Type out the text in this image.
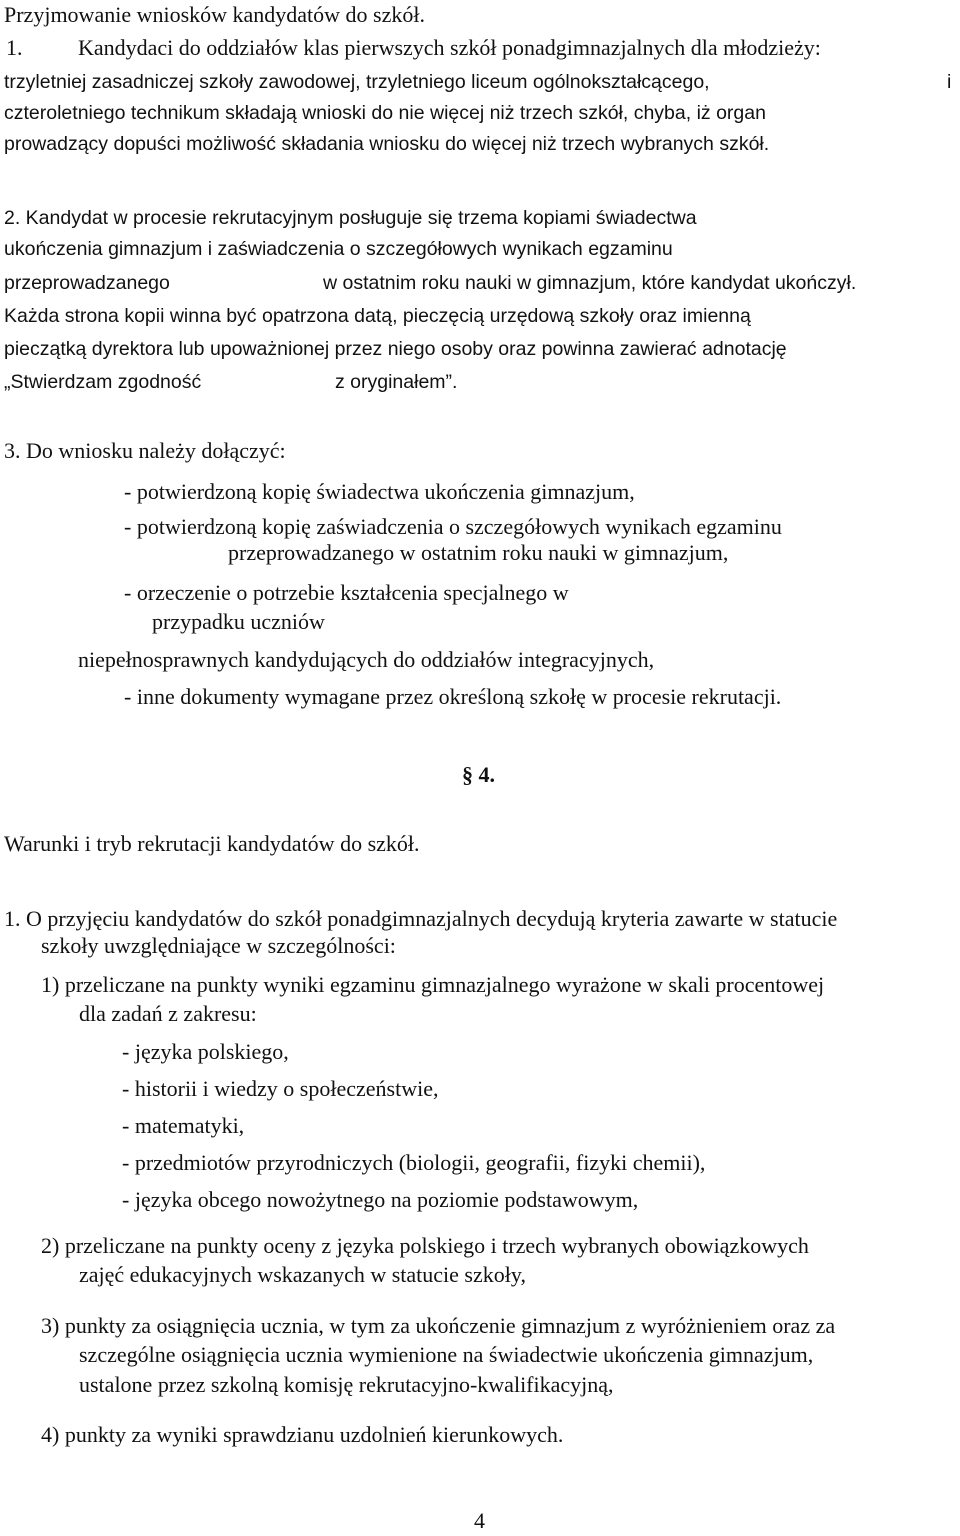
Przyjmowanie wniosków kandydatów do szkół.
1.	Kandydaci do oddziałów klas pierwszych szkół ponadgimnazjalnych dla młodzieży:
trzyletniej zasadniczej szkoły zawodowej, trzyletniego liceum ogólnokształcącego,	i
czteroletniego technikum składają wnioski do nie więcej niż trzech szkół, chyba, iż organ
prowadzący dopuści możliwość składania wniosku do więcej niż trzech wybranych szkół.
2. Kandydat w procesie rekrutacyjnym posługuje się trzema kopiami świadectwa
ukończenia gimnazjum i zaświadczenia o szczegółowych wynikach egzaminu
przeprowadzanego	w ostatnim roku nauki w gimnazjum, które kandydat ukończył.
Każda strona kopii winna być opatrzona datą, pieczęcią urzędową szkoły oraz imienną
pieczątką dyrektora lub upoważnionej przez niego osoby oraz powinna zawierać adnotację
„Stwierdzam zgodność	z oryginałem”.
3. Do wniosku należy dołączyć:
- potwierdzoną kopię świadectwa ukończenia gimnazjum,
- potwierdzoną kopię zaświadczenia o szczegółowych wynikach egzaminu
przeprowadzanego w ostatnim roku nauki w gimnazjum,
- orzeczenie o potrzebie kształcenia specjalnego w
przypadku uczniów
niepełnosprawnych kandydujących do oddziałów integracyjnych,
- inne dokumenty wymagane przez określoną szkołę w procesie rekrutacji.
§ 4.
Warunki i tryb rekrutacji kandydatów do szkół.
1. O przyjęciu kandydatów do szkół ponadgimnazjalnych decydują kryteria zawarte w statucie
szkoły uwzględniające w szczególności:
1) przeliczane na punkty wyniki egzaminu gimnazjalnego wyrażone w skali procentowej
dla zadań z zakresu:
- języka polskiego,
- historii i wiedzy o społeczeństwie,
- matematyki,
- przedmiotów przyrodniczych (biologii, geografii, fizyki chemii),
- języka obcego nowożytnego na poziomie podstawowym,
2) przeliczane na punkty oceny z języka polskiego i trzech wybranych obowiązkowych
zajęć edukacyjnych wskazanych w statucie szkoły,
3) punkty za osiągnięcia ucznia, w tym za ukończenie gimnazjum z wyróżnieniem oraz za
szczególne osiągnięcia ucznia wymienione na świadectwie ukończenia gimnazjum,
ustalone przez szkolną komisję rekrutacyjno-kwalifikacyjną,
4) punkty za wyniki sprawdzianu uzdolnień kierunkowych.
4
